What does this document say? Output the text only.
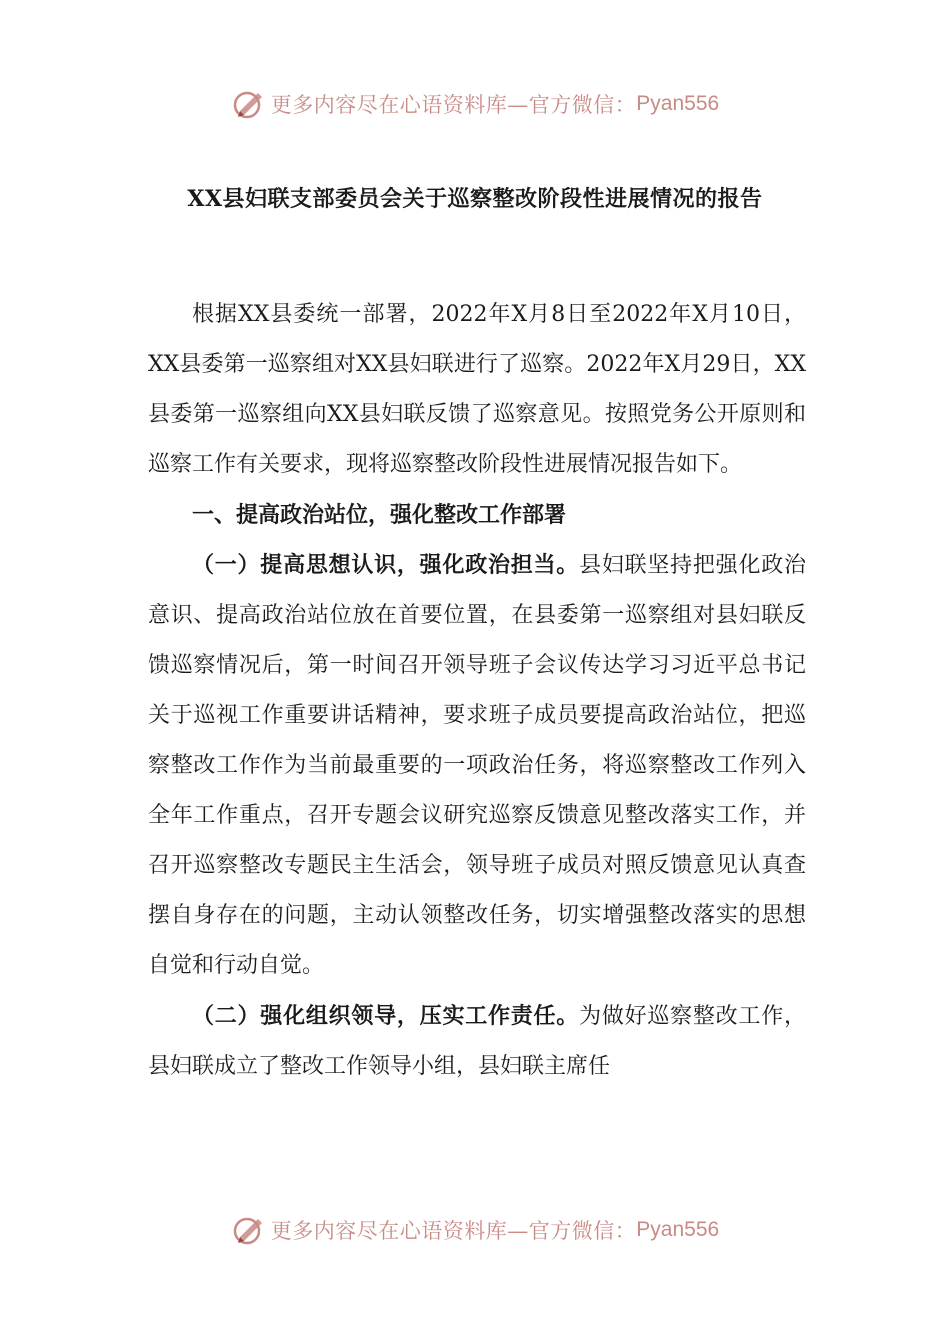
更多内容尽在心语资料库—官方微信： Pyan556
XX县妇联支部委员会关于巡察整改阶段性进展情况的报告

根据XX县委统一部署，2022年X月8日至2022年X月10日，XX县委第一巡察组对XX县妇联进行了巡察。2022年X月29日，XX县委第一巡察组向XX县妇联反馈了巡察意见。按照党务公开原则和巡察工作有关要求，现将巡察整改阶段性进展情况报告如下。

一、提高政治站位，强化整改工作部署

（一）提高思想认识，强化政治担当。县妇联坚持把强化政治意识、提高政治站位放在首要位置，在县委第一巡察组对县妇联反馈巡察情况后，第一时间召开领导班子会议传达学习习近平总书记关于巡视工作重要讲话精神，要求班子成员要提高政治站位，把巡察整改工作作为当前最重要的一项政治任务，将巡察整改工作列入全年工作重点，召开专题会议研究巡察反馈意见整改落实工作，并召开巡察整改专题民主生活会，领导班子成员对照反馈意见认真查摆自身存在的问题，主动认领整改任务，切实增强整改落实的思想自觉和行动自觉。

（二）强化组织领导，压实工作责任。为做好巡察整改工作，县妇联成立了整改工作领导小组，县妇联主席任

更多内容尽在心语资料库—官方微信： Pyan556
